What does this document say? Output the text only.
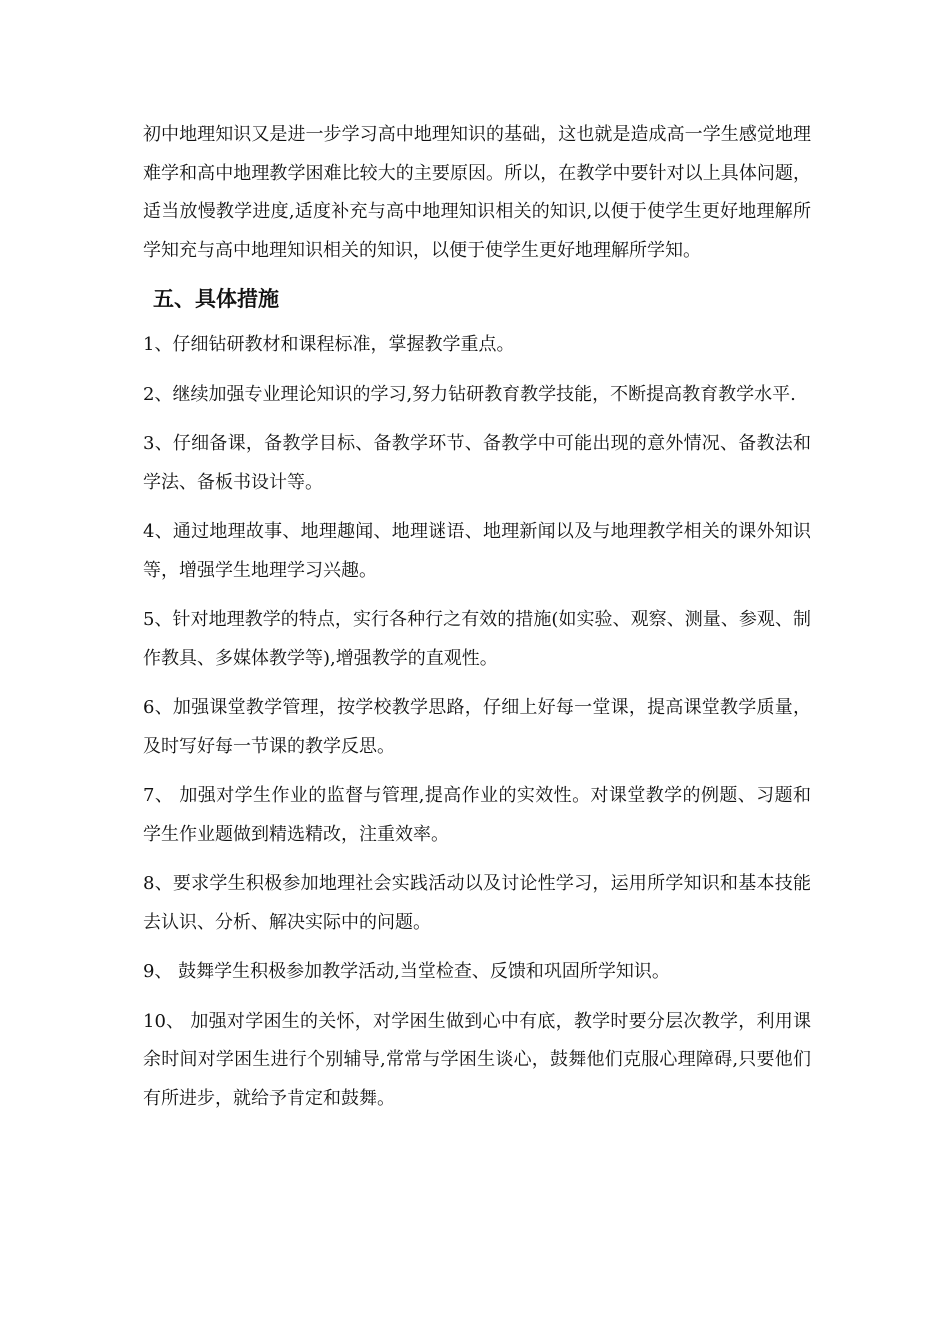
初中地理知识又是进一步学习高中地理知识的基础，这也就是造成高一学生感觉地理难学和高中地理教学困难比较大的主要原因。所以，在教学中要针对以上具体问题，适当放慢教学进度,适度补充与高中地理知识相关的知识,以便于使学生更好地理解所学知充与高中地理知识相关的知识，以便于使学生更好地理解所学知。

五、具体措施

1、仔细钻研教材和课程标准，掌握教学重点。

2、继续加强专业理论知识的学习,努力钻研教育教学技能，不断提高教育教学水平.

3、仔细备课，备教学目标、备教学环节、备教学中可能出现的意外情况、备教法和学法、备板书设计等。

4、通过地理故事、地理趣闻、地理谜语、地理新闻以及与地理教学相关的课外知识等，增强学生地理学习兴趣。

5、针对地理教学的特点，实行各种行之有效的措施(如实验、观察、测量、参观、制作教具、多媒体教学等),增强教学的直观性。

6、加强课堂教学管理，按学校教学思路，仔细上好每一堂课，提高课堂教学质量，及时写好每一节课的教学反思。

7、 加强对学生作业的监督与管理,提高作业的实效性。对课堂教学的例题、习题和学生作业题做到精选精改，注重效率。

8、要求学生积极参加地理社会实践活动以及讨论性学习，运用所学知识和基本技能去认识、分析、解决实际中的问题。

9、 鼓舞学生积极参加教学活动,当堂检查、反馈和巩固所学知识。

10、 加强对学困生的关怀，对学困生做到心中有底，教学时要分层次教学，利用课余时间对学困生进行个别辅导,常常与学困生谈心，鼓舞他们克服心理障碍,只要他们有所进步，就给予肯定和鼓舞。
